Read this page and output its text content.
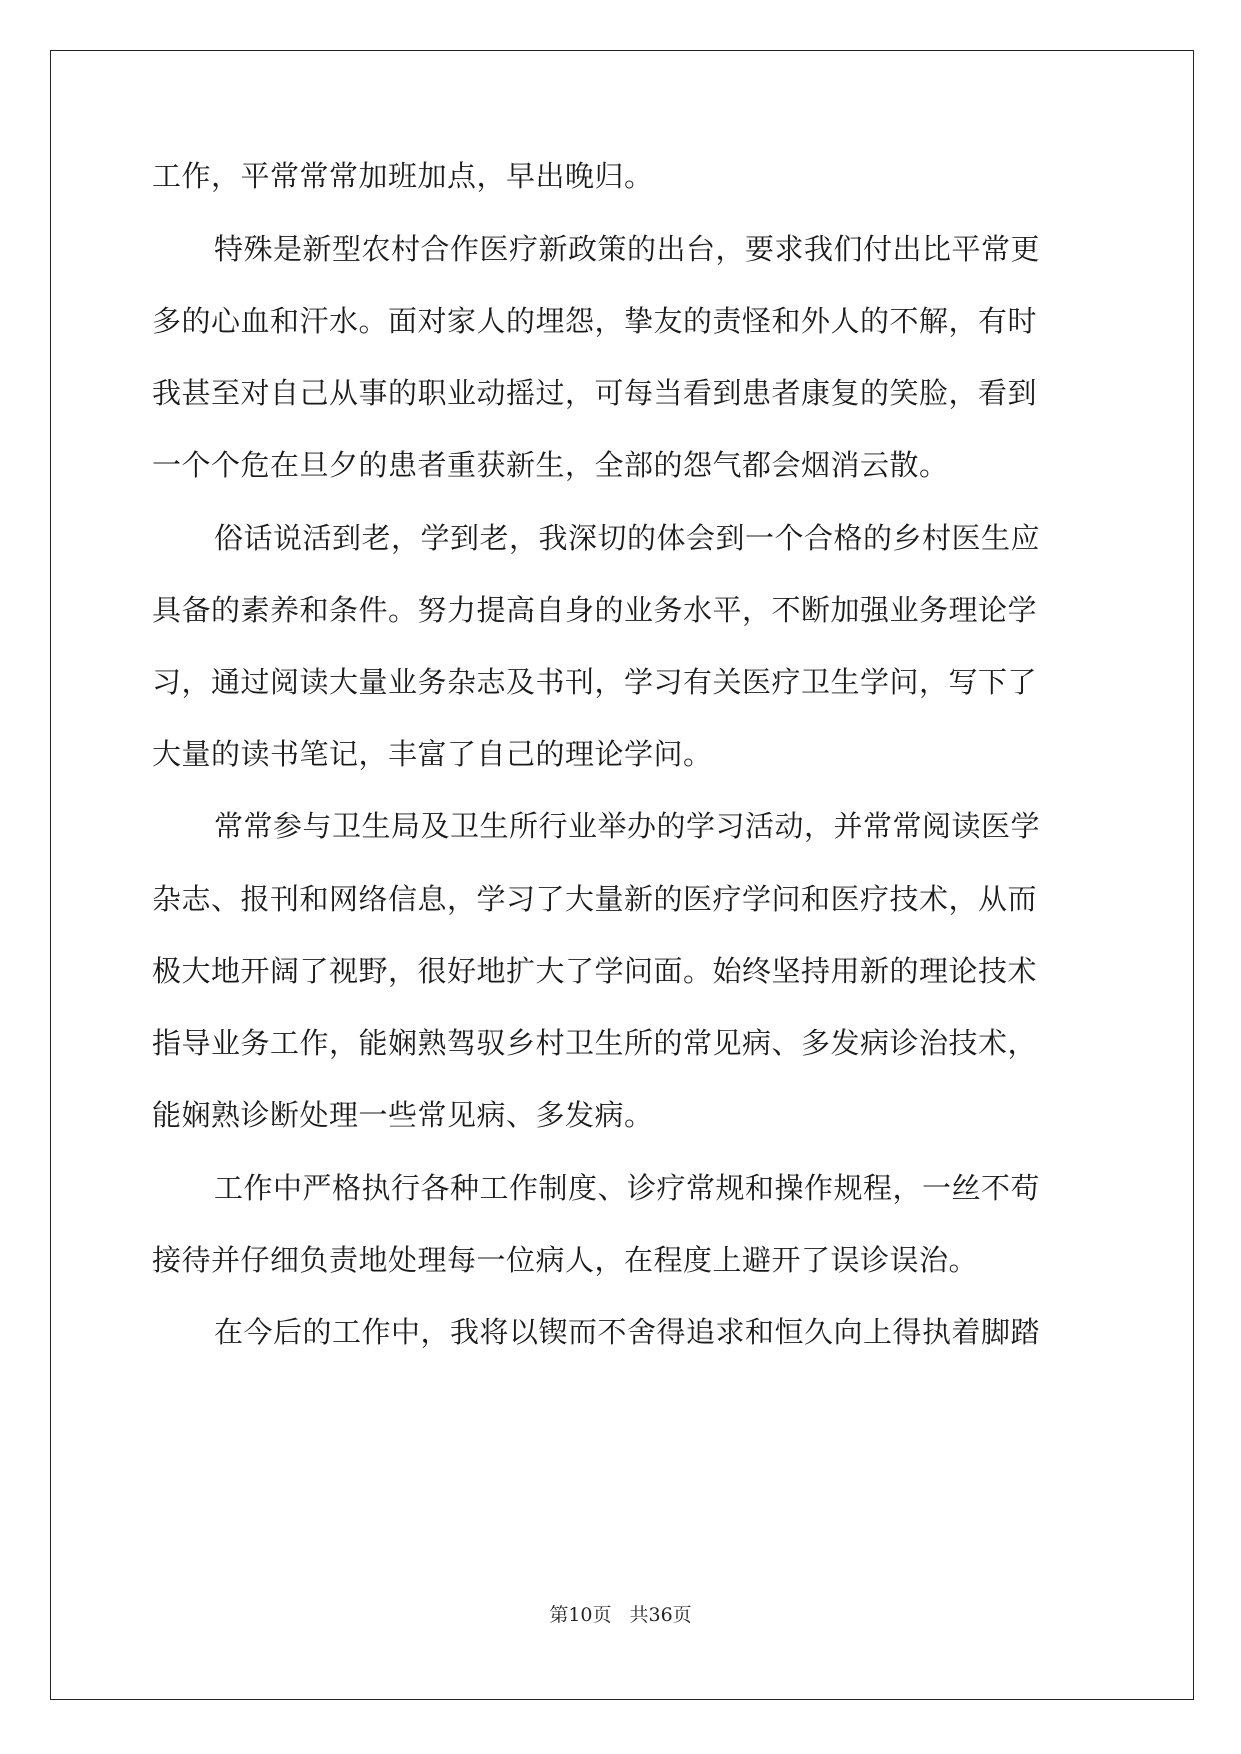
工作，平常常常加班加点，早出晚归。
特殊是新型农村合作医疗新政策的出台，要求我们付出比平常更
多的心血和汗水。面对家人的埋怨，挚友的责怪和外人的不解，有时
我甚至对自己从事的职业动摇过，可每当看到患者康复的笑脸，看到
一个个危在旦夕的患者重获新生，全部的怨气都会烟消云散。
俗话说活到老，学到老，我深切的体会到一个合格的乡村医生应
具备的素养和条件。努力提高自身的业务水平，不断加强业务理论学
习，通过阅读大量业务杂志及书刊，学习有关医疗卫生学问，写下了
大量的读书笔记，丰富了自己的理论学问。
常常参与卫生局及卫生所行业举办的学习活动，并常常阅读医学
杂志、报刊和网络信息，学习了大量新的医疗学问和医疗技术，从而
极大地开阔了视野，很好地扩大了学问面。始终坚持用新的理论技术
指导业务工作，能娴熟驾驭乡村卫生所的常见病、多发病诊治技术，
能娴熟诊断处理一些常见病、多发病。
工作中严格执行各种工作制度、诊疗常规和操作规程，一丝不苟
接待并仔细负责地处理每一位病人，在程度上避开了误诊误治。
在今后的工作中，我将以锲而不舍得追求和恒久向上得执着脚踏
第10页 共36页
